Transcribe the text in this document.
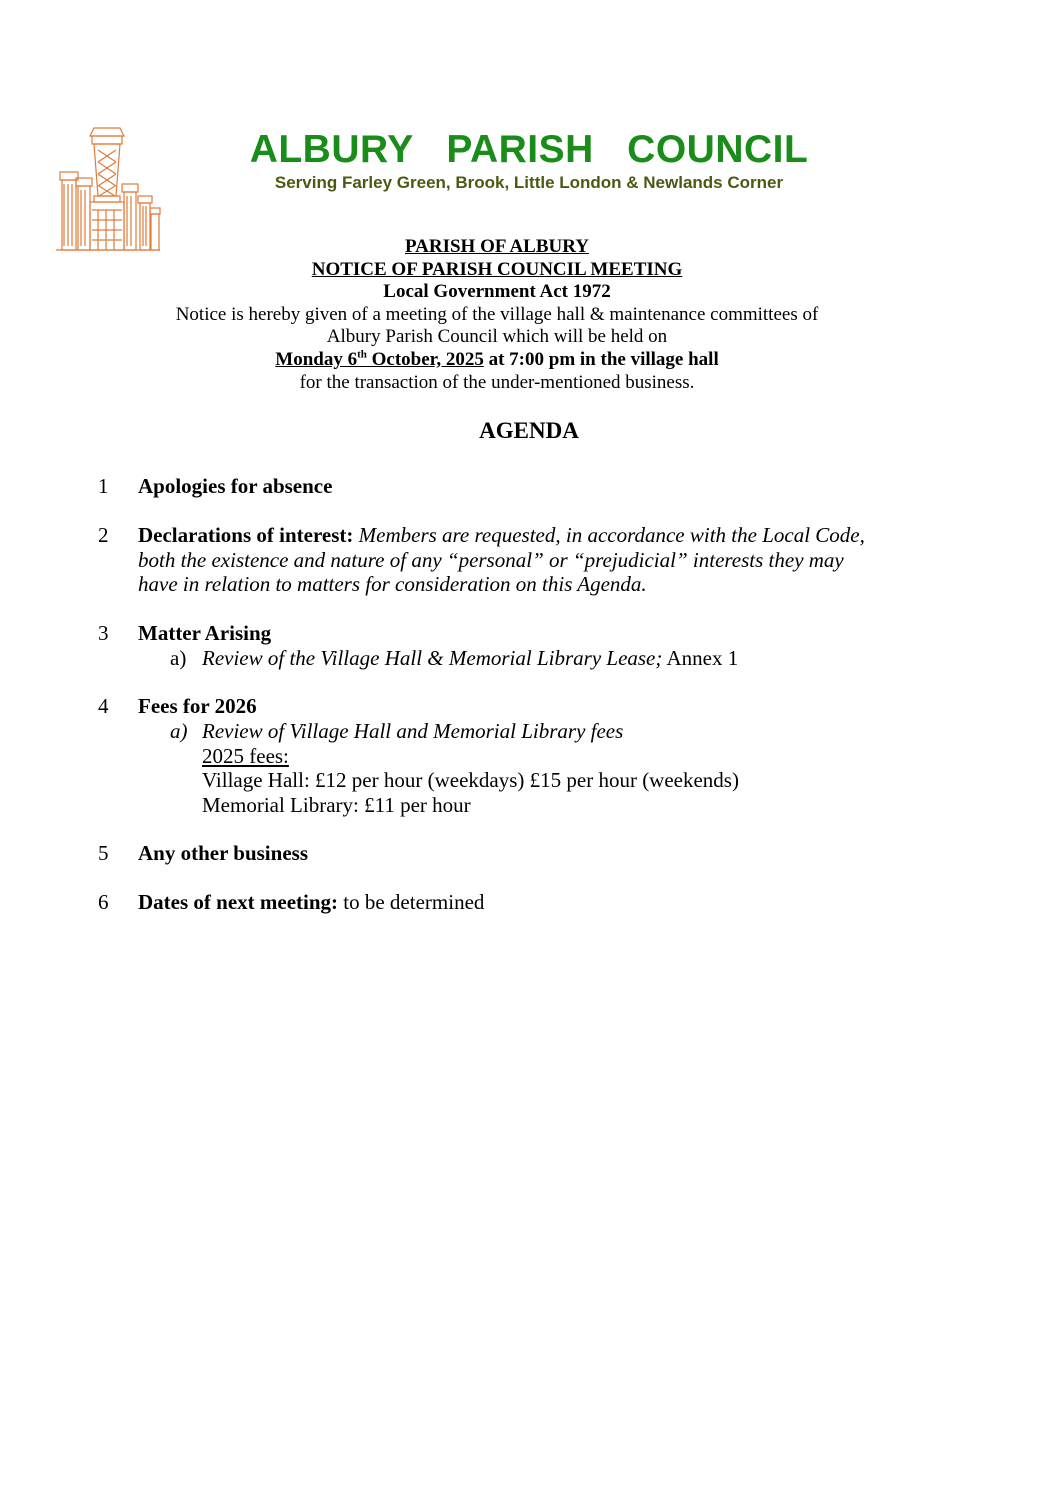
ALBURY PARISH COUNCIL
Serving Farley Green, Brook, Little London & Newlands Corner
PARISH OF ALBURY
NOTICE OF PARISH COUNCIL MEETING
Local Government Act 1972
Notice is hereby given of a meeting of the village hall & maintenance committees of
Albury Parish Council which will be held on
Monday 6th October, 2025 at 7:00 pm in the village hall
for the transaction of the under-mentioned business.
AGENDA
1	Apologies for absence
2	Declarations of interest: Members are requested, in accordance with the Local Code,
both the existence and nature of any “personal” or “prejudicial” interests they may
have in relation to matters for consideration on this Agenda.
3	Matter Arising
a) Review of the Village Hall & Memorial Library Lease; Annex 1
4	Fees for 2026
a) Review of Village Hall and Memorial Library fees
2025 fees:
Village Hall: £12 per hour (weekdays) £15 per hour (weekends)
Memorial Library: £11 per hour
5	Any other business
6	Dates of next meeting: to be determined
